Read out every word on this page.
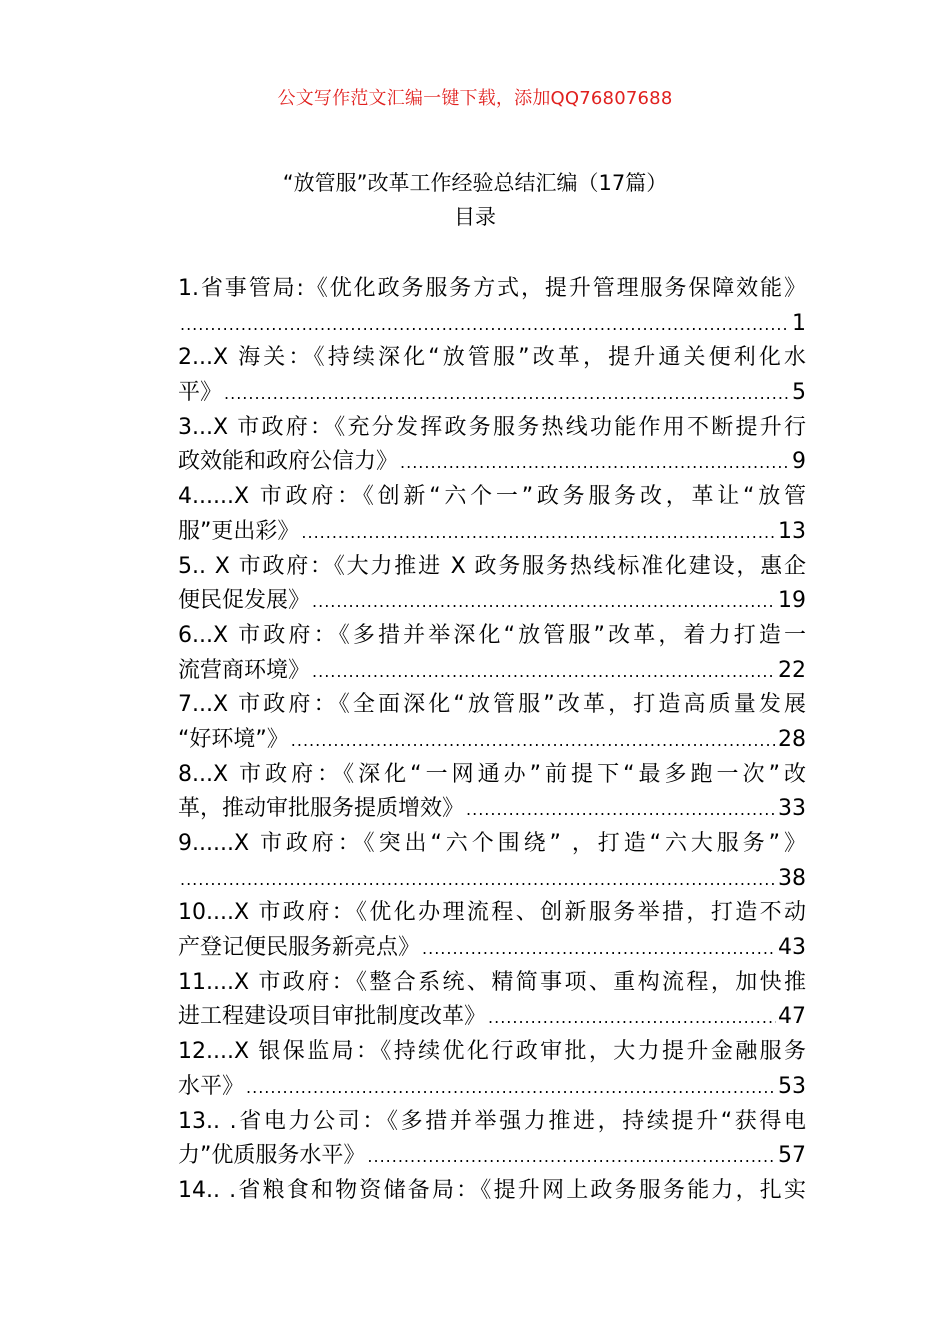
公文写作范文汇编一键下载，添加QQ76807688
“放管服”改革工作经验总结汇编（17篇）
目录
1.省事管局:《优化政务服务方式，提升管理服务保障效能》
.....
1
2...X 海关：《持续深化“放管服”改革，提升通关便利化水
平》 .....	5
3...X 市政府：《充分发挥政务服务热线功能作用不断提升行
政效能和政府公信力》 .....	9
4......X 市政府：《创新“六个一”政务服务改，革让“放管
服”更出彩》 .....	13
5.. X 市政府：《大力推进 X 政务服务热线标准化建设，惠企
便民促发展》 .....	19
6...X 市政府：《多措并举深化“放管服”改革，着力打造一
流营商环境》 .....	22
7...X 市政府：《全面深化“放管服”改革，打造高质量发展
“好环境”》 .....	28
8...X 市政府：《深化“一网通办”前提下“最多跑一次”改
革，推动审批服务提质增效》 .....	33
9......X 市政府：《突出“六个围绕” ，打造“六大服务”》
.....
38
10....X 市政府：《优化办理流程、创新服务举措，打造不动
产登记便民服务新亮点》 .....	43
11....X 市政府：《整合系统、精简事项、重构流程，加快推
进工程建设项目审批制度改革》 .....	47
12....X 银保监局：《持续优化行政审批，大力提升金融服务
水平》 .....	53
13.. .省电力公司：《多措并举强力推进，持续提升“获得电
力”优质服务水平》 .....	57
14.. .省粮食和物资储备局：《提升网上政务服务能力，扎实
